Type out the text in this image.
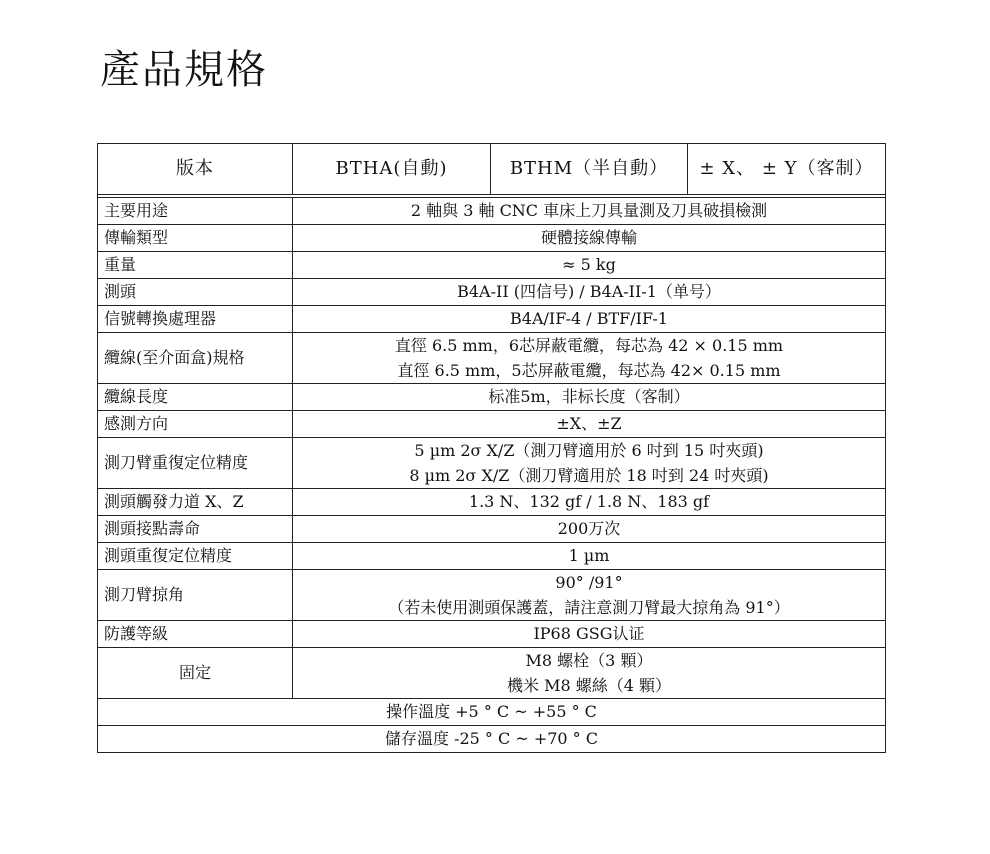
產品規格
版本	BTHA(自動)	BTHM（半自動）	± X、 ± Y（客制）

主要用途	2 軸與 3 軸 CNC 車床上刀具量測及刀具破損檢測		
傳輸類型	硬體接線傳輸		
重量	≈ 5 kg		
測頭	B4A-II (四信号) / B4A-II-1（单号）		
信號轉換處理器	B4A/IF-4 / BTF/IF-1		
纜線(至介面盒)規格	直徑 6.5 mm，6芯屏蔽電纜，每芯為 42 × 0.15 mm
直徑 6.5 mm，5芯屏蔽電纜，每芯為 42× 0.15 mm		

纜線長度	标准5m，非标长度（客制）		
感測方向	±X、±Z		
測刀臂重復定位精度	5 µm 2σ X/Z（測刀臂適用於 6 吋到 15 吋夾頭)
8 µm 2σ X/Z（測刀臂適用於 18 吋到 24 吋夾頭)		

測頭觸發力道 X、Z	1.3 N、132 gf / 1.8 N、183 gf		
測頭接點壽命	200万次		
測頭重復定位精度	1 µm		
測刀臂掠角	90° /91°
（若未使用測頭保護蓋，請注意測刀臂最大掠角為 91°）		

防護等級	IP68 GSG认证		
固定	M8 螺栓（3 顆）
機米 M8 螺絲（4 顆）		

操作溫度 +5 ° C ~ +55 ° C			
儲存溫度 -25 ° C ~ +70 ° C			
